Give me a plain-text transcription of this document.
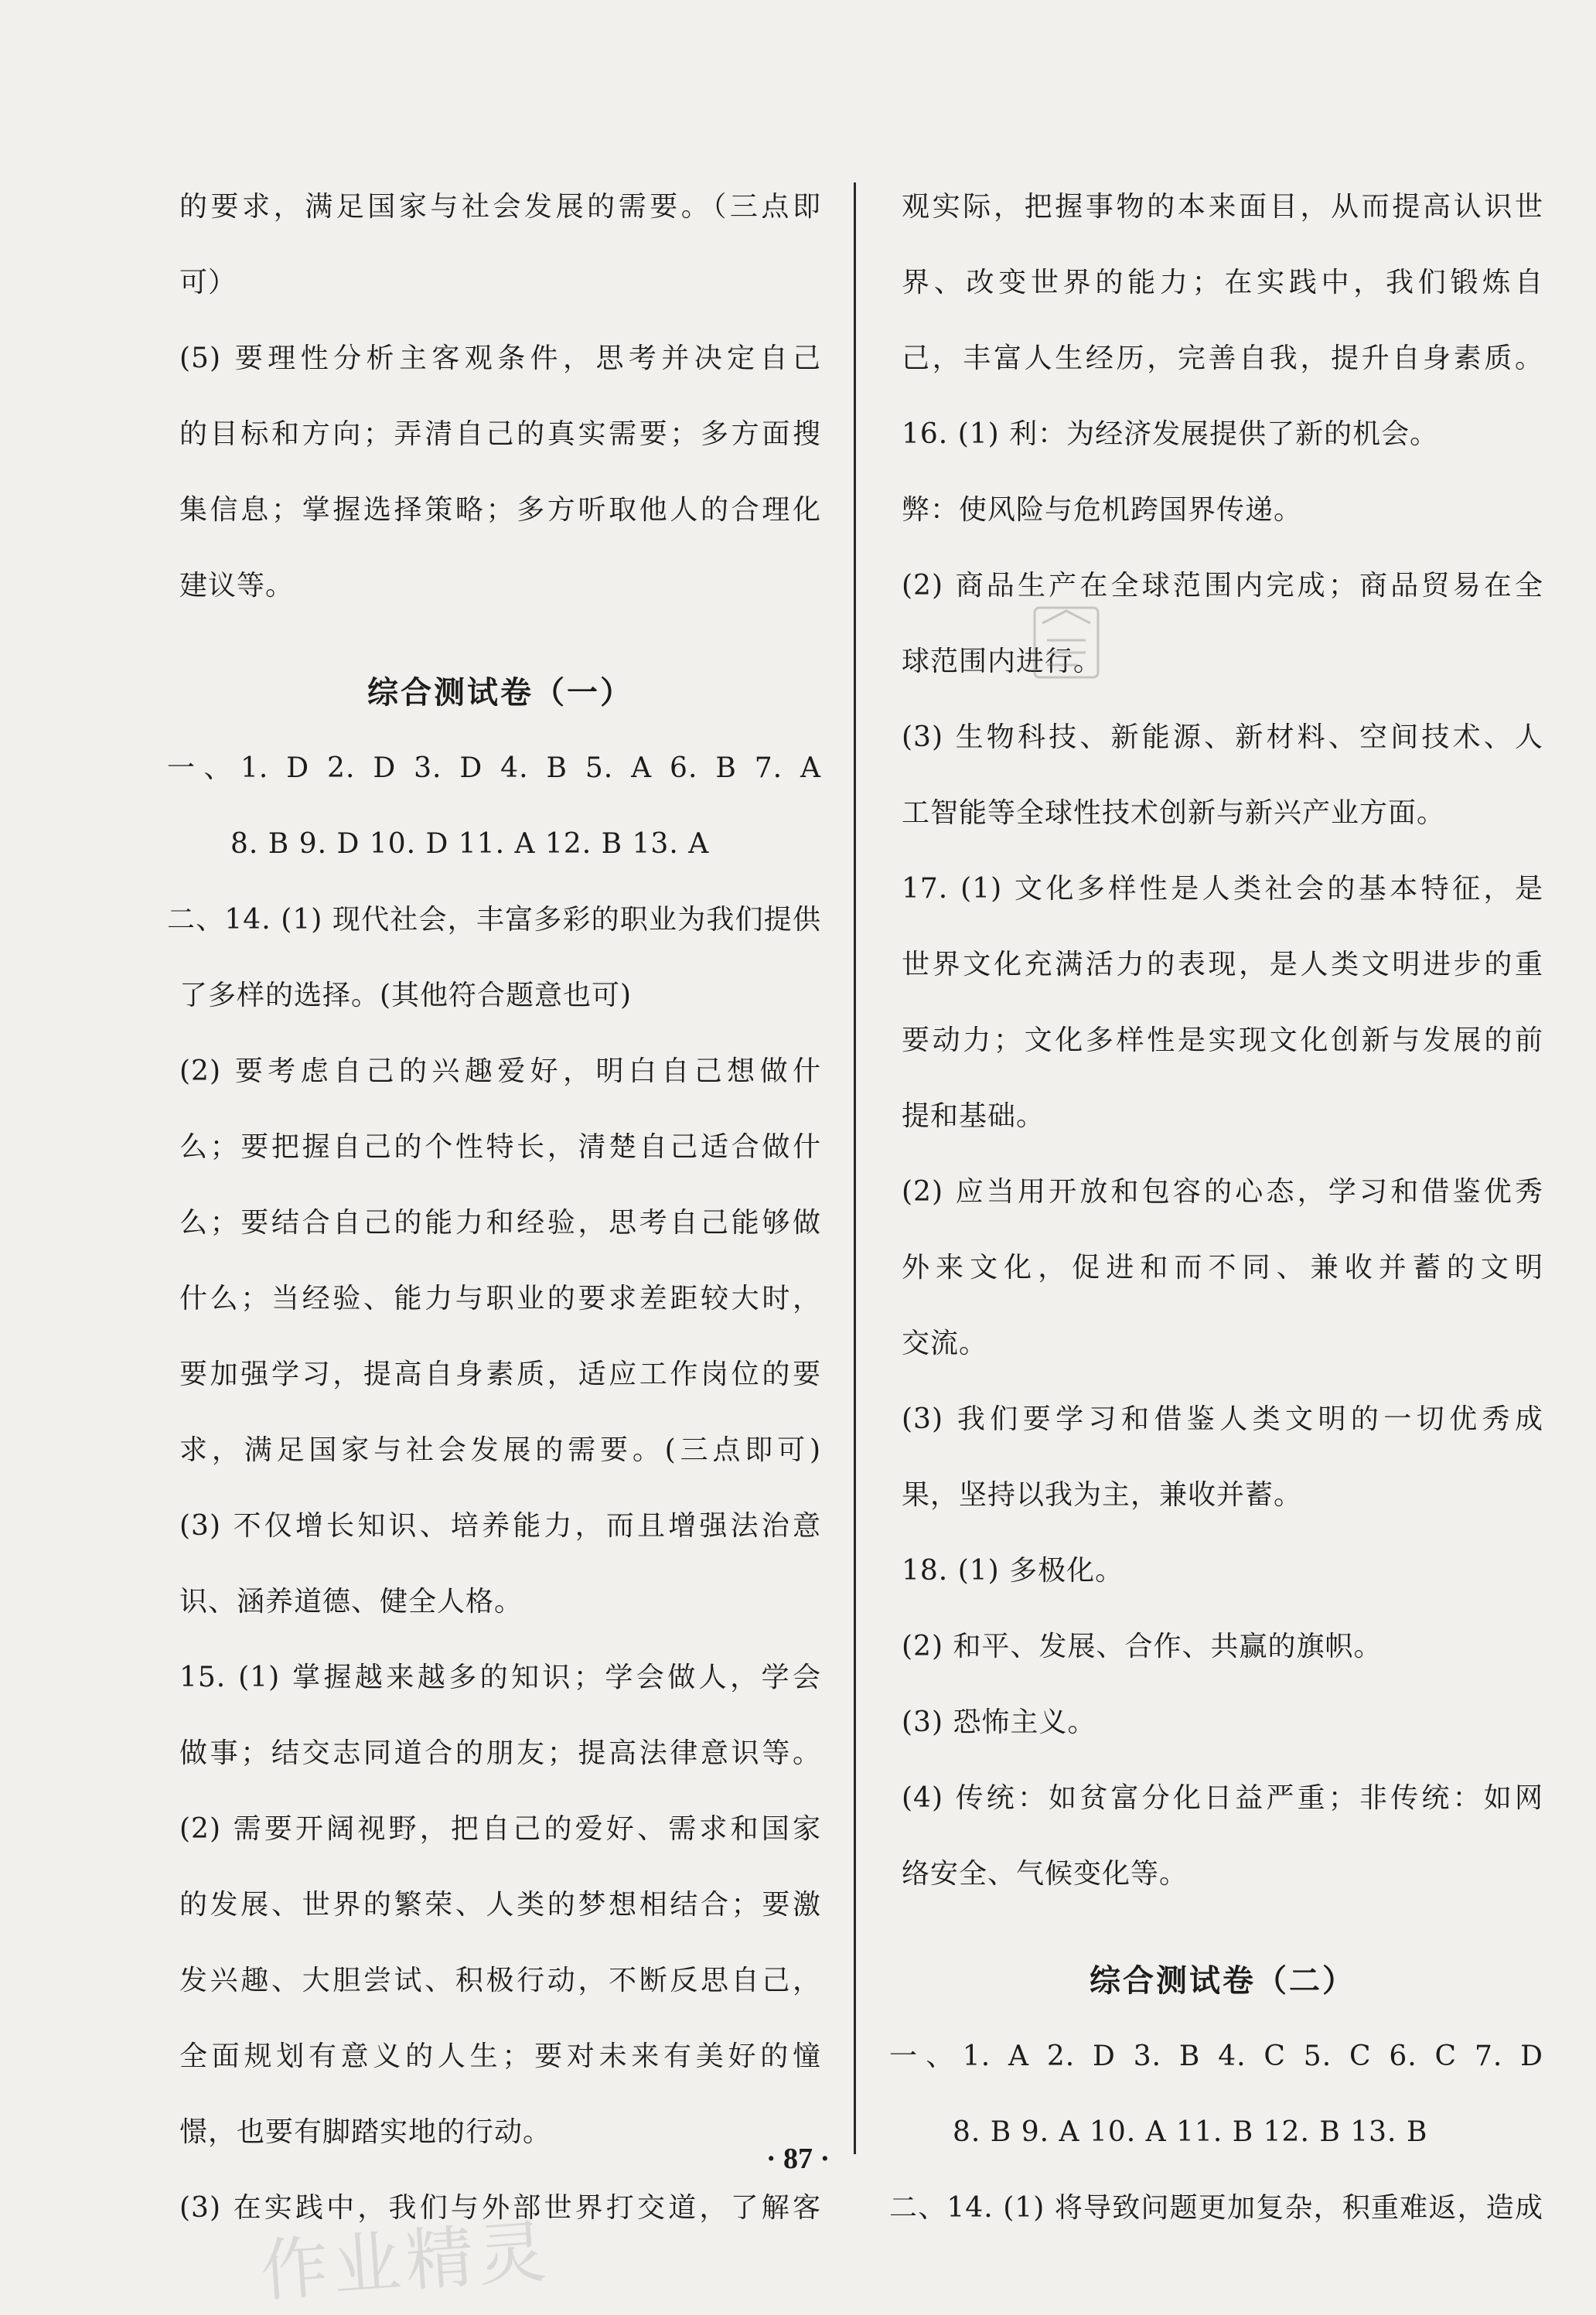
的要求，满足国家与社会发展的需要。（三点即
可）
(5) 要理性分析主客观条件，思考并决定自己
的目标和方向；弄清自己的真实需要；多方面搜
集信息；掌握选择策略；多方听取他人的合理化
建议等。
综合测试卷（一）
一、1. D 2. D 3. D 4. B 5. A 6. B 7. A
8. B 9. D 10. D 11. A 12. B 13. A
二、14. (1) 现代社会，丰富多彩的职业为我们提供
了多样的选择。(其他符合题意也可)
(2) 要考虑自己的兴趣爱好，明白自己想做什
么；要把握自己的个性特长，清楚自己适合做什
么；要结合自己的能力和经验，思考自己能够做
什么；当经验、能力与职业的要求差距较大时，
要加强学习，提高自身素质，适应工作岗位的要
求，满足国家与社会发展的需要。(三点即可)
(3) 不仅增长知识、培养能力，而且增强法治意
识、涵养道德、健全人格。
15. (1) 掌握越来越多的知识；学会做人，学会
做事；结交志同道合的朋友；提高法律意识等。
(2) 需要开阔视野，把自己的爱好、需求和国家
的发展、世界的繁荣、人类的梦想相结合；要激
发兴趣、大胆尝试、积极行动，不断反思自己，
全面规划有意义的人生；要对未来有美好的憧
憬，也要有脚踏实地的行动。
(3) 在实践中，我们与外部世界打交道，了解客
观实际，把握事物的本来面目，从而提高认识世
界、改变世界的能力；在实践中，我们锻炼自
己，丰富人生经历，完善自我，提升自身素质。
16. (1) 利：为经济发展提供了新的机会。
弊：使风险与危机跨国界传递。
(2) 商品生产在全球范围内完成；商品贸易在全
球范围内进行。
(3) 生物科技、新能源、新材料、空间技术、人
工智能等全球性技术创新与新兴产业方面。
17. (1) 文化多样性是人类社会的基本特征，是
世界文化充满活力的表现，是人类文明进步的重
要动力；文化多样性是实现文化创新与发展的前
提和基础。
(2) 应当用开放和包容的心态，学习和借鉴优秀
外来文化，促进和而不同、兼收并蓄的文明
交流。
(3) 我们要学习和借鉴人类文明的一切优秀成
果，坚持以我为主，兼收并蓄。
18. (1) 多极化。
(2) 和平、发展、合作、共赢的旗帜。
(3) 恐怖主义。
(4) 传统：如贫富分化日益严重；非传统：如网
络安全、气候变化等。
综合测试卷（二）
一、1. A 2. D 3. B 4. C 5. C 6. C 7. D
8. B 9. A 10. A 11. B 12. B 13. B
二、14. (1) 将导致问题更加复杂，积重难返，造成
· 87 ·
作业精灵
